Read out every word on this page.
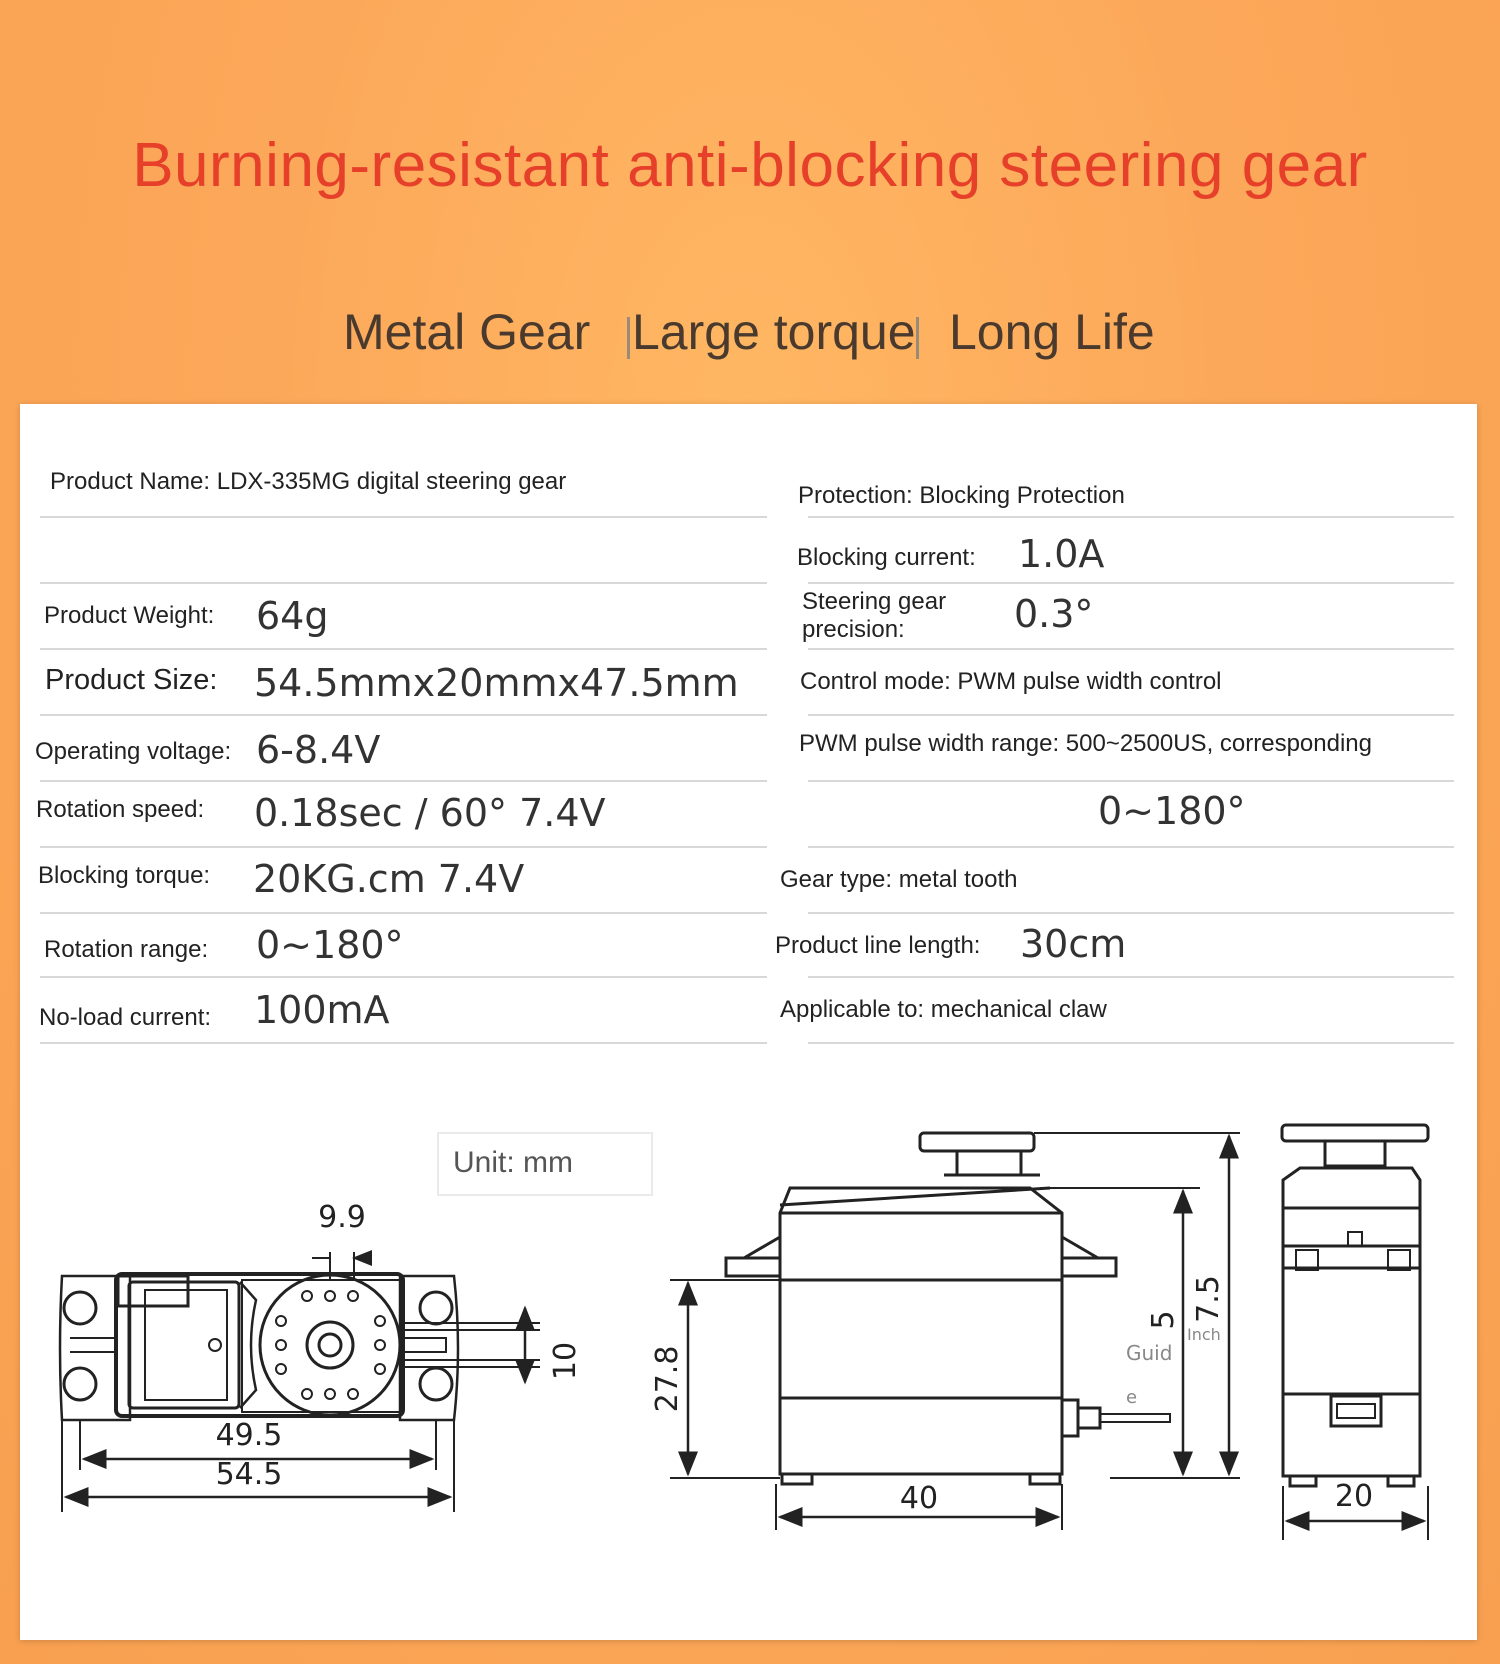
Burning-resistant anti-blocking steering gear
Metal Gear Large torque Long Life
Product Name: LDX-335MG digital steering gear
Product Weight: 64g
Product Size: 54.5mmx20mmx47.5mm
Operating voltage: 6-8.4V
Rotation speed: 0.18sec / 60° 7.4V
Blocking torque: 20KG.cm 7.4V
Rotation range: 0~180°
No-load current: 100mA
Protection: Blocking Protection
Blocking current: 1.0A
Steering gear precision:	0.3°
Control mode: PWM pulse width control
PWM pulse width range: 500~2500US, corresponding
0~180°
Gear type: metal tooth
Product line length: 30cm
Applicable to: mechanical claw
Unit: mm
9.9
49.5
54.5
10 27.8
40	20
7.5
5
Inch
Guid
e
